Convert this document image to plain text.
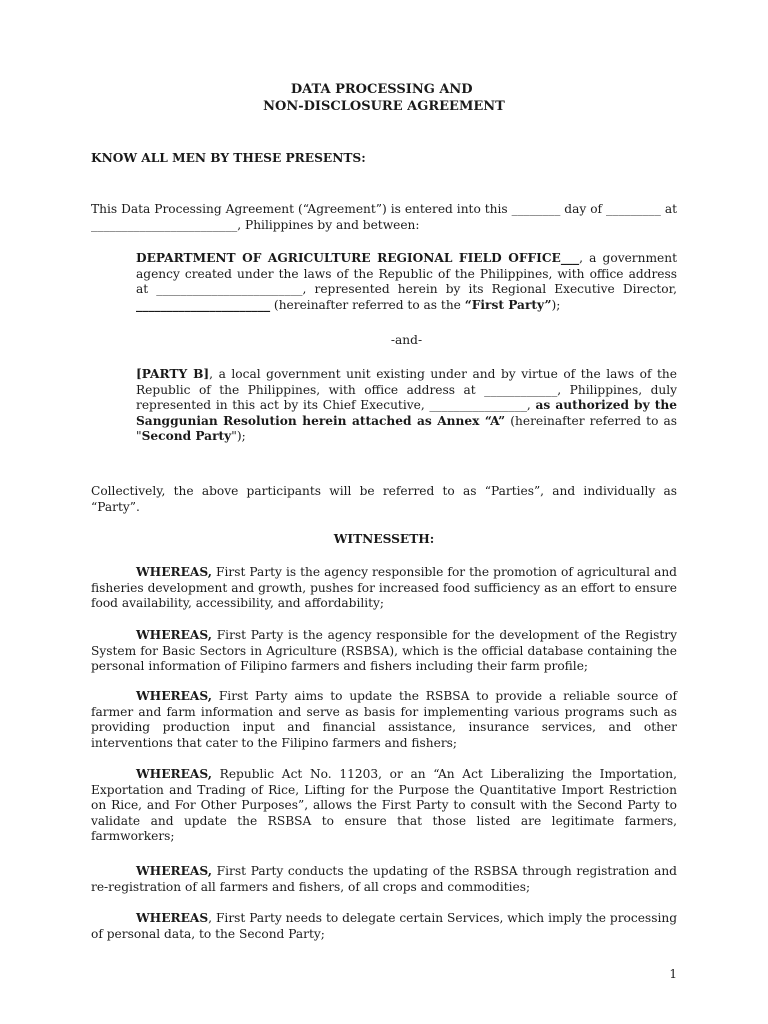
DATA PROCESSING AND
NON-DISCLOSURE AGREEMENT
KNOW ALL MEN BY THESE PRESENTS:
This Data Processing Agreement (“Agreement”) is entered into this ________ day of _________ at ________________________, Philippines by and between:
DEPARTMENT OF AGRICULTURE REGIONAL FIELD OFFICE___, a government agency created under the laws of the Republic of the Philippines, with office address at ________________________, represented herein by its Regional Executive Director, ______________________ (hereinafter referred to as the “First Party”);
-and-
[PARTY B], a local government unit existing under and by virtue of the laws of the Republic of the Philippines, with office address at ____________, Philippines, duly represented in this act by its Chief Executive, ________________, as authorized by the Sanggunian Resolution herein attached as Annex “A” (hereinafter referred to as "Second Party");
Collectively, the above participants will be referred to as “Parties”, and individually as “Party”.
WITNESSETH:
WHEREAS, First Party is the agency responsible for the promotion of agricultural and fisheries development and growth, pushes for increased food sufficiency as an effort to ensure food availability, accessibility, and affordability;
WHEREAS, First Party is the agency responsible for the development of the Registry System for Basic Sectors in Agriculture (RSBSA), which is the official database containing the personal information of Filipino farmers and fishers including their farm profile;
WHEREAS, First Party aims to update the RSBSA to provide a reliable source of farmer and farm information and serve as basis for implementing various programs such as providing production input and financial assistance, insurance services, and other interventions that cater to the Filipino farmers and fishers;
WHEREAS, Republic Act No. 11203, or an “An Act Liberalizing the Importation, Exportation and Trading of Rice, Lifting for the Purpose the Quantitative Import Restriction on Rice, and For Other Purposes”, allows the First Party to consult with the Second Party to validate and update the RSBSA to ensure that those listed are legitimate farmers, farmworkers;
WHEREAS, First Party conducts the updating of the RSBSA through registration and re-registration of all farmers and fishers, of all crops and commodities;
WHEREAS, First Party needs to delegate certain Services, which imply the processing of personal data, to the Second Party;
1
